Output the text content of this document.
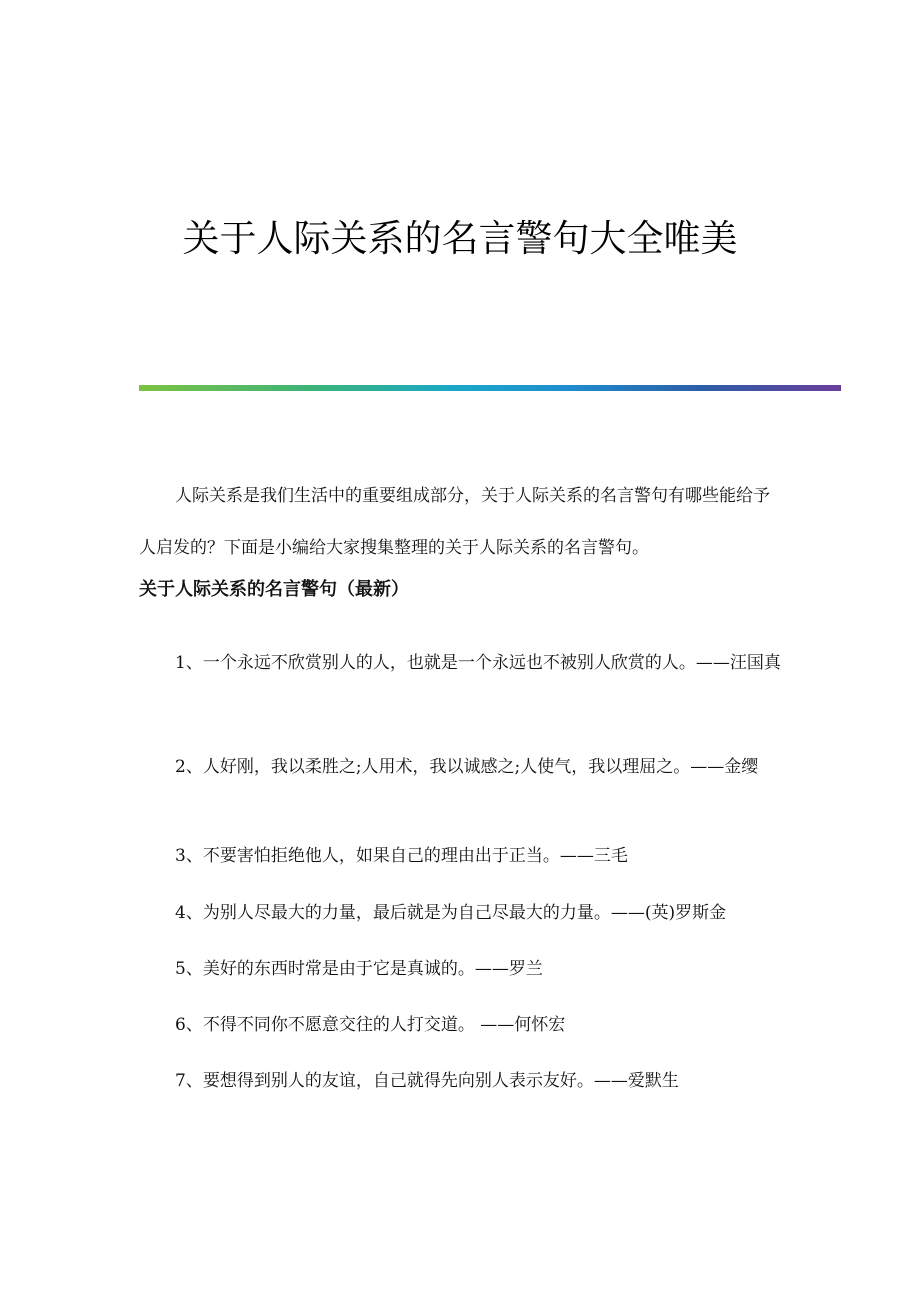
关于人际关系的名言警句大全唯美
人际关系是我们生活中的重要组成部分，关于人际关系的名言警句有哪些能给予人启发的？下面是小编给大家搜集整理的关于人际关系的名言警句。
关于人际关系的名言警句（最新）
1、一个永远不欣赏别人的人，也就是一个永远也不被别人欣赏的人。——汪国真
2、人好刚，我以柔胜之;人用术，我以诚感之;人使气，我以理屈之。——金缨
3、不要害怕拒绝他人，如果自己的理由出于正当。——三毛
4、为别人尽最大的力量，最后就是为自己尽最大的力量。——(英)罗斯金
5、美好的东西时常是由于它是真诚的。——罗兰
6、不得不同你不愿意交往的人打交道。 ——何怀宏
7、要想得到别人的友谊，自己就得先向别人表示友好。——爱默生
